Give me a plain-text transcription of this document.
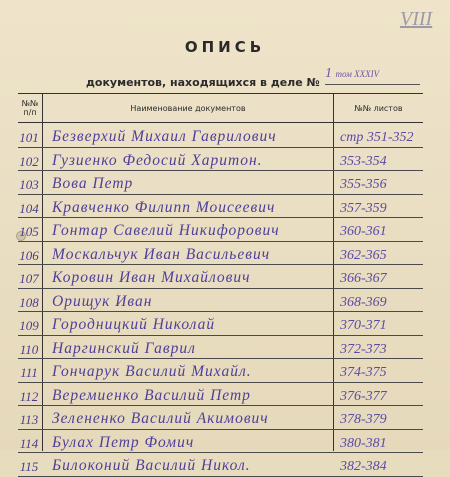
VIII
ОПИСЬ
документов, находящихся в деле №
1 том XXXIV
№№ п/п	Наименование документов	№№ листов
101 Безверхий Михаил Гаврилович	стр 351-352
102 Гузиенко Федосий Харитон.	353-354
103 Вова Петр	355-356
104 Кравченко Филипп Моисеевич	357-359
105 Гонтар Савелий Никифорович	360-361
106 Москальчук Иван Васильевич	362-365
107 Коровин Иван Михайлович	366-367
108 Орищук Иван	368-369
109 Городницкий Николай	370-371
110 Наргинский Гаврил	372-373
111 Гончарук Василий Михайл.	374-375
112 Веремиенко Василий Петр	376-377
113 Зелененко Василий Акимович	378-379
114 Булах Петр Фомич	380-381
115 Билоконий Василий Никол.	382-384
